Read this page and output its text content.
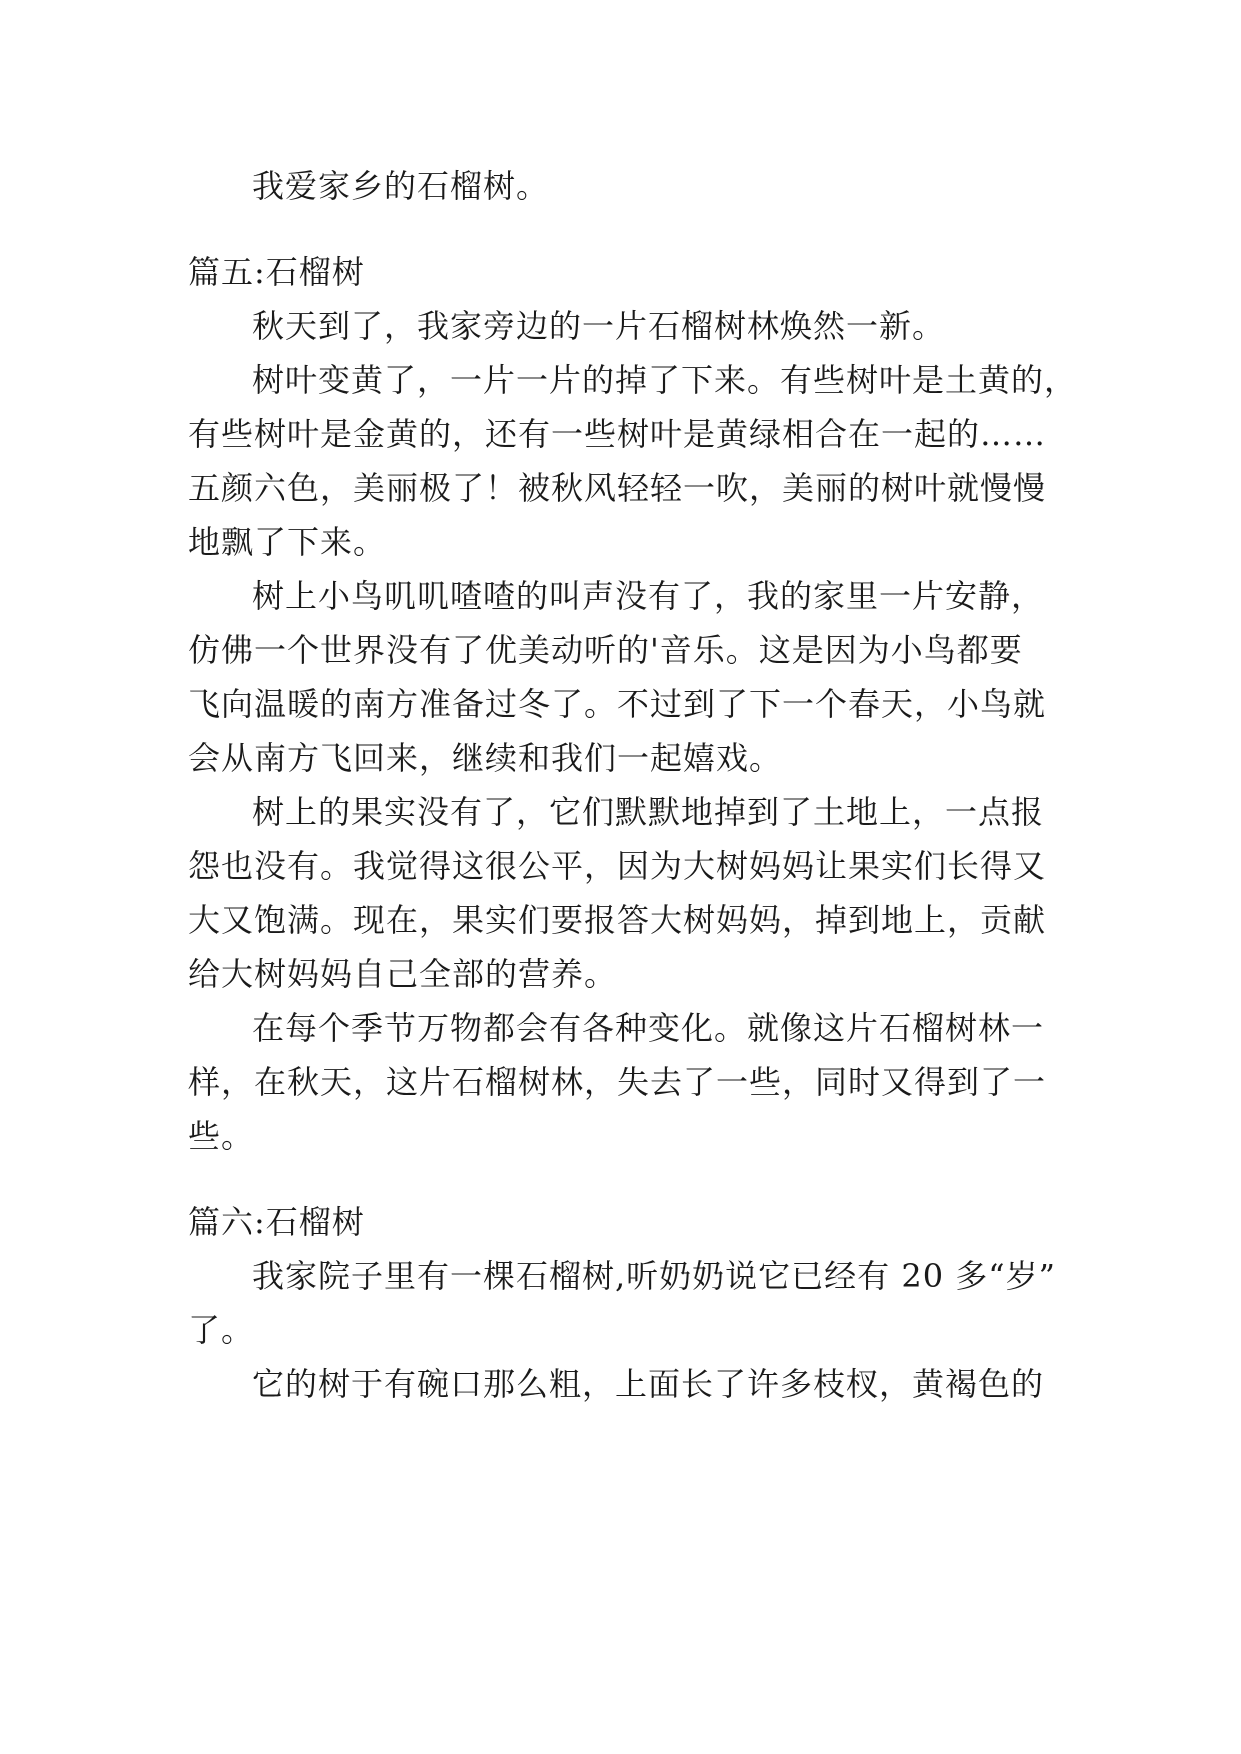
我爱家乡的石榴树。
篇五:石榴树
秋天到了，我家旁边的一片石榴树林焕然一新。
树叶变黄了，一片一片的掉了下来。有些树叶是土黄的，
有些树叶是金黄的，还有一些树叶是黄绿相合在一起的……
五颜六色，美丽极了！被秋风轻轻一吹，美丽的树叶就慢慢
地飘了下来。
树上小鸟叽叽喳喳的叫声没有了，我的家里一片安静，
仿佛一个世界没有了优美动听的'音乐。这是因为小鸟都要
飞向温暖的南方准备过冬了。不过到了下一个春天，小鸟就
会从南方飞回来，继续和我们一起嬉戏。
树上的果实没有了，它们默默地掉到了土地上，一点报
怨也没有。我觉得这很公平，因为大树妈妈让果实们长得又
大又饱满。现在，果实们要报答大树妈妈，掉到地上，贡献
给大树妈妈自己全部的营养。
在每个季节万物都会有各种变化。就像这片石榴树林一
样，在秋天，这片石榴树林，失去了一些，同时又得到了一
些。
篇六:石榴树
我家院子里有一棵石榴树,听奶奶说它已经有 20 多“岁”
了。
它的树于有碗口那么粗，上面长了许多枝杈，黄褐色的
